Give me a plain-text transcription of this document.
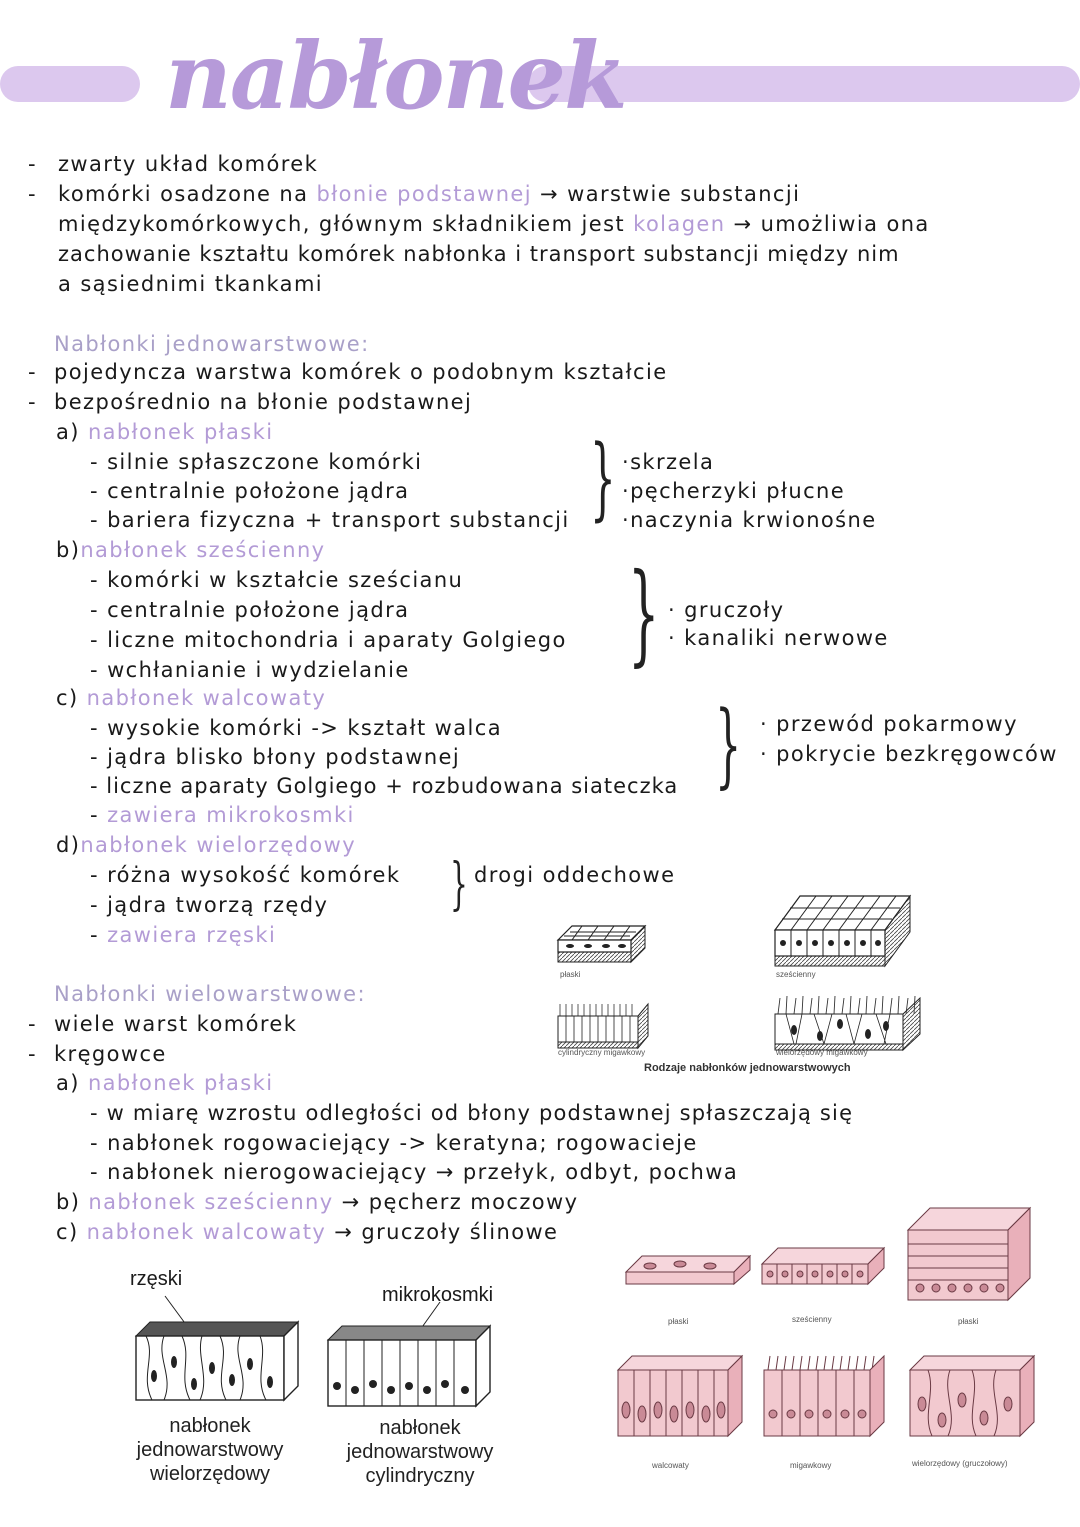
nabłonek
- zwarty układ komórek
- komórki osadzone na błonie podstawnej → warstwie substancji
międzykomórkowych, głównym składnikiem jest kolagen → umożliwia ona
zachowanie kształtu komórek nabłonka i transport substancji między nim
a sąsiednimi tkankami
Nabłonki jednowarstwowe:
- pojedyncza warstwa komórek o podobnym kształcie
- bezpośrednio na błonie podstawnej
a) nabłonek płaski
- silnie spłaszczone komórki
- centralnie położone jądra
- bariera fizyczna + transport substancji } ·skrzela
·pęcherzyki płucne
·naczynia krwionośne
b)nabłonek sześcienny
- komórki w kształcie sześcianu
- centralnie położone jądra
- liczne mitochondria i aparaty Golgiego
- wchłanianie i wydzielanie } · gruczoły
· kanaliki nerwowe
c) nabłonek walcowaty
- wysokie komórki -> kształt walca
- jądra blisko błony podstawnej
- liczne aparaty Golgiego + rozbudowana siateczka
- zawiera mikrokosmki
} · przewód pokarmowy
· pokrycie bezkręgowców
d)nabłonek wielorzędowy
- różna wysokość komórek
- jądra tworzą rzędy
- zawiera rzęski
} drogi oddechowe
Nabłonki wielowarstwowe:
- wiele warst komórek
- kręgowce
a) nabłonek płaski
- w miarę wzrostu odległości od błony podstawnej spłaszczają się
- nabłonek rogowaciejący -> keratyna; rogowacieje
- nabłonek nierogowaciejący → przełyk, odbyt, pochwa
b) nabłonek sześcienny → pęcherz moczowy
c) nabłonek walcowaty → gruczoły ślinowe
płaski	sześcienny
cylindryczny migawkowy	wielorzędowy migawkowy
Rodzaje nabłonków jednowarstwowych
rzęski
mikrokosmki
nabłonek
jednowarstwowy
wielorzędowy
nabłonek
jednowarstwowy
cylindryczny
płaski	sześcienny	płaski
walcowaty	migawkowy	wielorzędowy (gruczołowy)
